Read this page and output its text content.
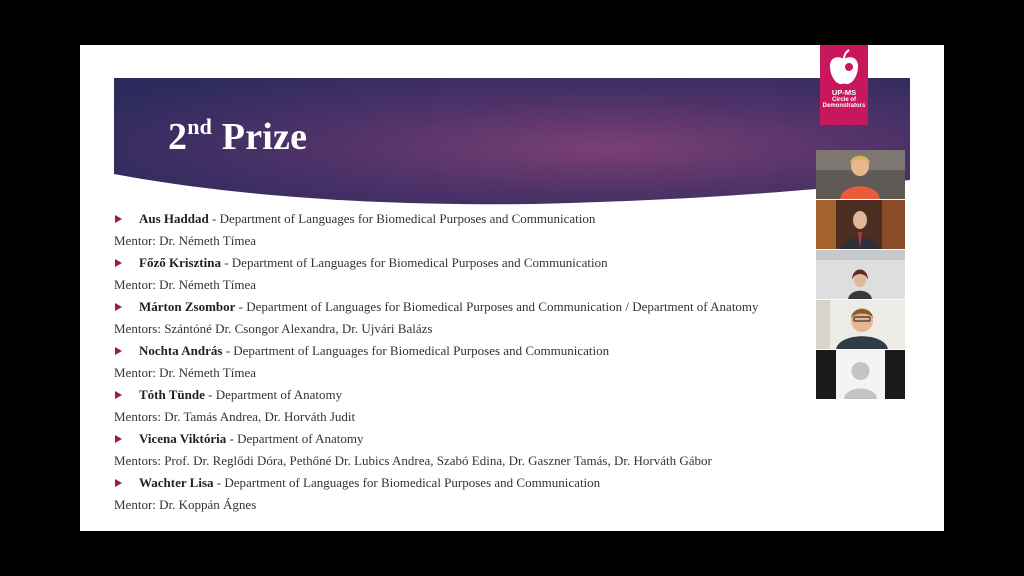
2nd Prize
UP-MS
Circle of
Demonstrators
Aus Haddad - Department of Languages for Biomedical Purposes and Communication
Mentor: Dr. Németh Tímea
Főző Krisztina - Department of Languages for Biomedical Purposes and Communication
Mentor: Dr. Németh Tímea
Márton Zsombor - Department of Languages for Biomedical Purposes and Communication / Department of Anatomy
Mentors: Szántóné Dr. Csongor Alexandra, Dr. Ujvári Balázs
Nochta András - Department of Languages for Biomedical Purposes and Communication
Mentor: Dr. Németh Tímea
Tóth Tünde - Department of Anatomy
Mentors: Dr. Tamás Andrea, Dr. Horváth Judit
Vicena Viktória - Department of Anatomy
Mentors: Prof. Dr. Reglődi Dóra, Pethőné Dr. Lubics Andrea, Szabó Edina, Dr. Gaszner Tamás, Dr. Horváth Gábor
Wachter Lisa - Department of Languages for Biomedical Purposes and Communication
Mentor: Dr. Koppán Ágnes
